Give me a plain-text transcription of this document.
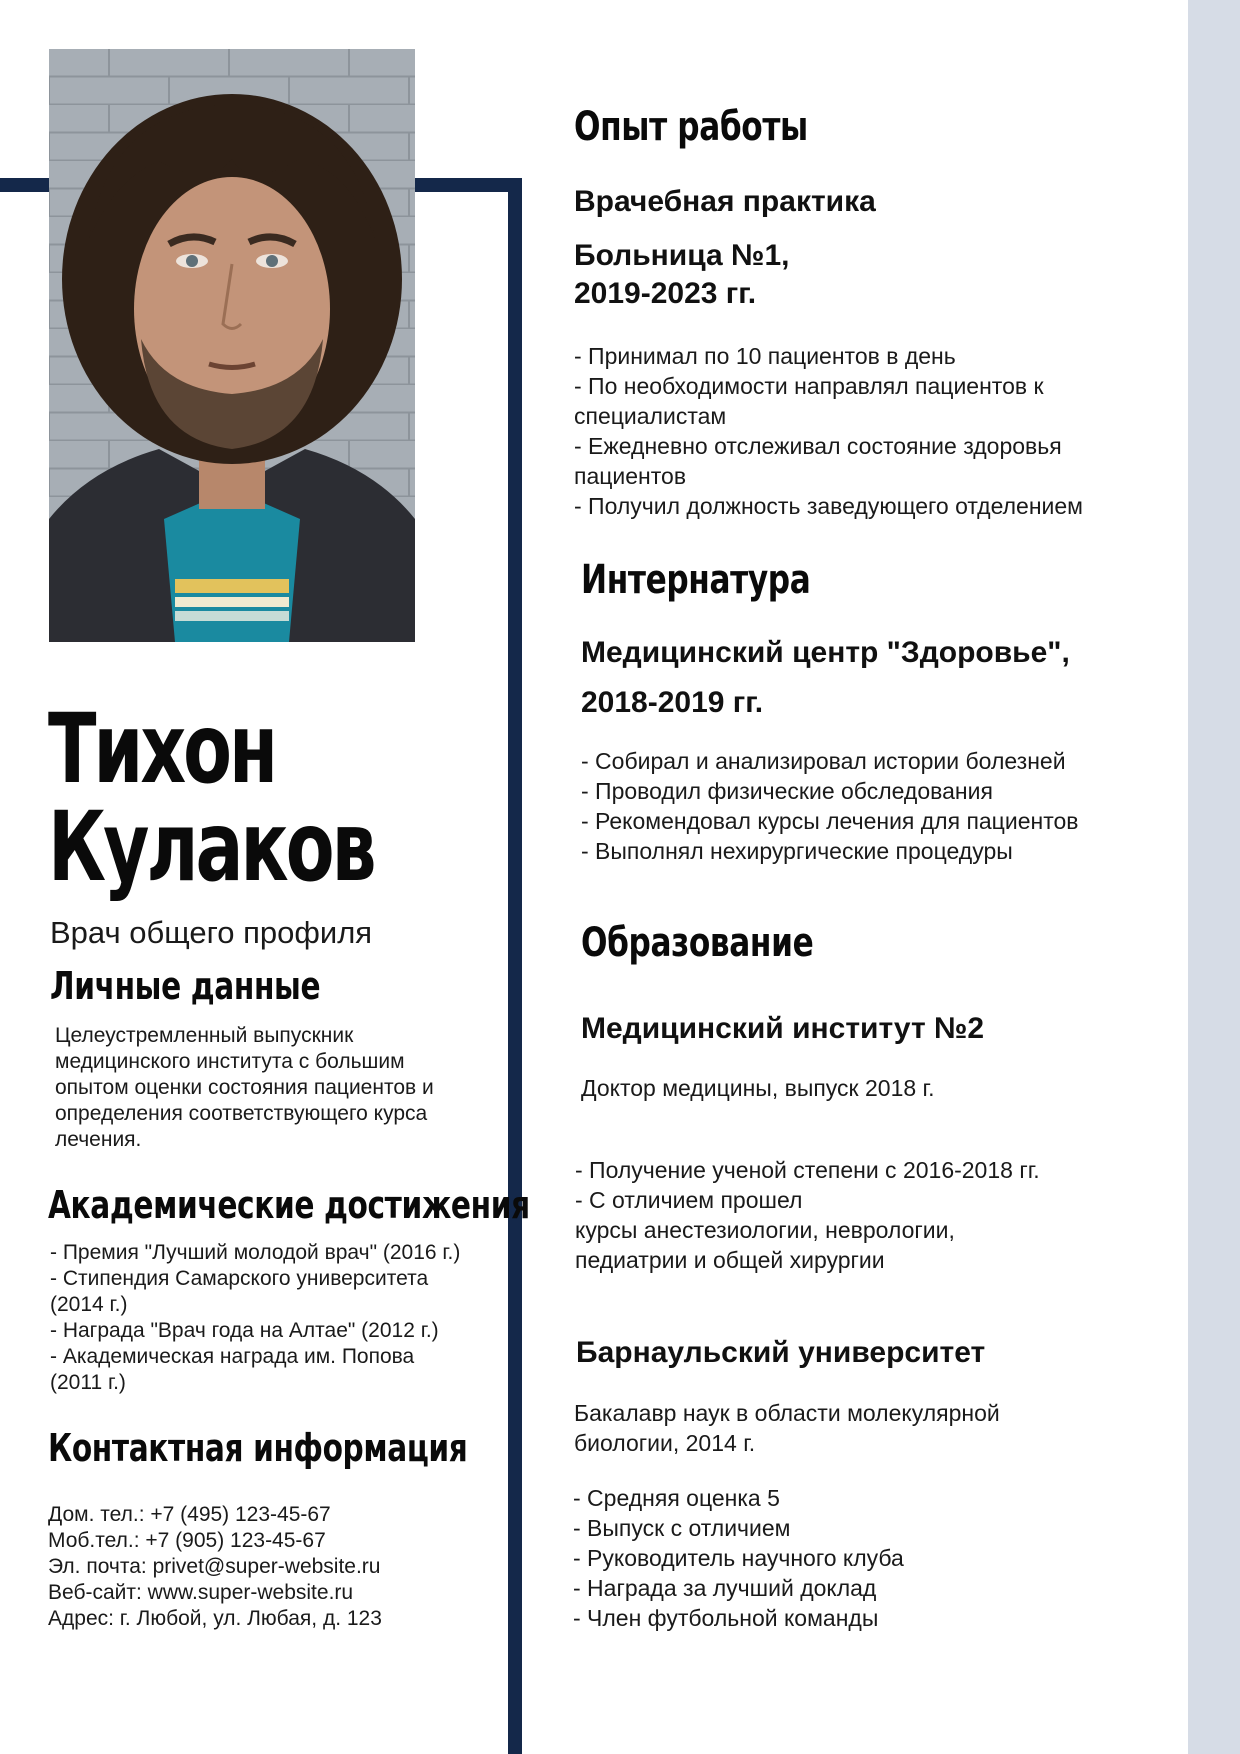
Тихон
Кулаков
Врач общего профиля
Личные данные
Целеустремленный выпускник
медицинского института с большим
опытом оценки состояния пациентов и
определения соответствующего курса
лечения.
Академические достижения
- Премия "Лучший молодой врач" (2016 г.)
- Стипендия Самарского университета
(2014 г.)
- Награда "Врач года на Алтае" (2012 г.)
- Академическая награда им. Попова
(2011 г.)
Контактная информация
Дом. тел.: +7 (495) 123-45-67
Моб.тел.: +7 (905) 123-45-67
Эл. почта: privet@super-website.ru
Веб-сайт: www.super-website.ru
Адрес: г. Любой, ул. Любая, д. 123
Опыт работы
Врачебная практика
Больница №1,
2019-2023 гг.
- Принимал по 10 пациентов в день
- По необходимости направлял пациентов к
специалистам
- Ежедневно отслеживал состояние здоровья
пациентов
- Получил должность заведующего отделением
Интернатура
Медицинский центр "Здоровье",
2018-2019 гг.
- Собирал и анализировал истории болезней
- Проводил физические обследования
- Рекомендовал курсы лечения для пациентов
- Выполнял нехирургические процедуры
Образование
Медицинский институт №2
Доктор медицины, выпуск 2018 г.
- Получение ученой степени с 2016-2018 гг.
- С отличием прошел
курсы анестезиологии, неврологии,
педиатрии и общей хирургии
Барнаульский университет
Бакалавр наук в области молекулярной
биологии, 2014 г.
- Средняя оценка 5
- Выпуск с отличием
- Руководитель научного клуба
- Награда за лучший доклад
- Член футбольной команды
